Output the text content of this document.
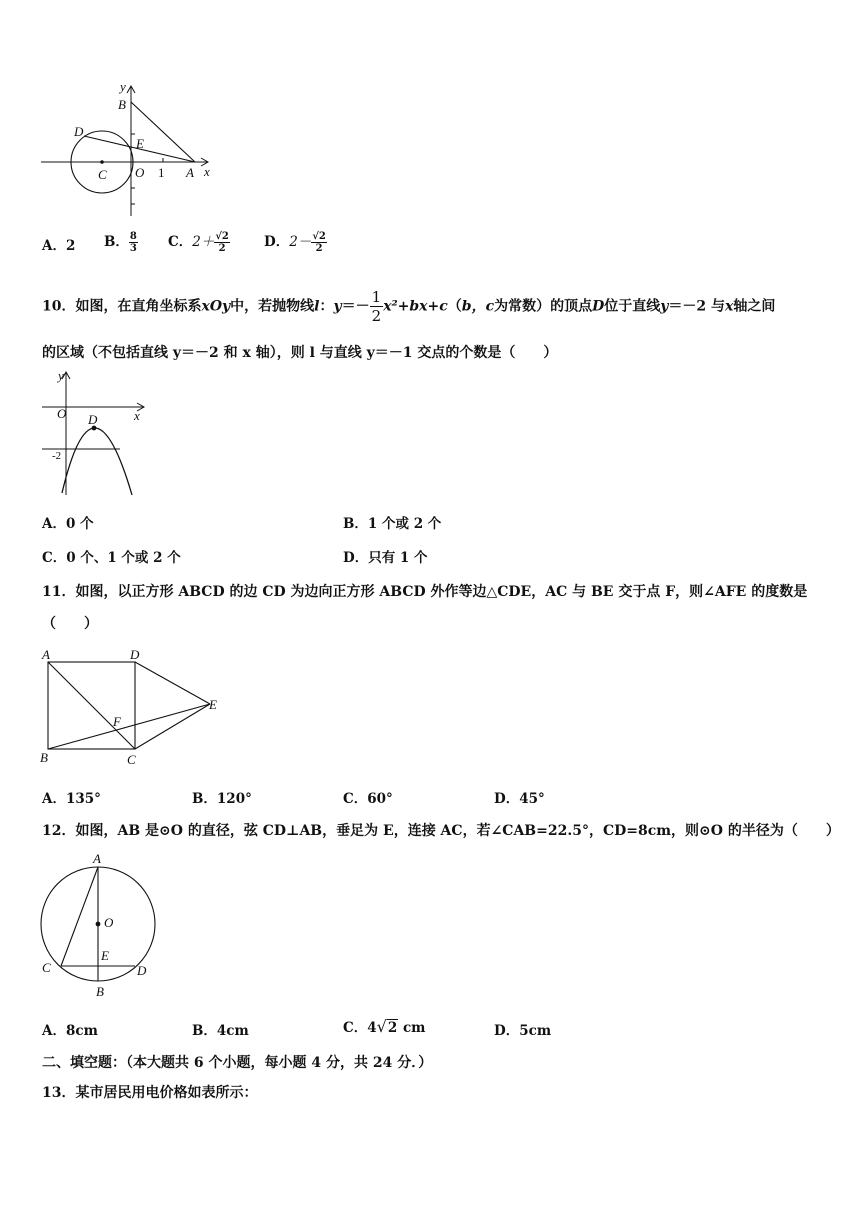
y
B
D
E
C O 1 A x
A．2 B． $\frac{8}{3}$ C．$2+ \frac{√2}{2}$	D．$2- \frac{√2}{2}$
10．如图，在直角坐标系xOy中，若抛物线l：$y=- \frac{1}{2}x^2+bx+c(b$，c为常数）的顶点D位于直线y＝－2 与x轴之间
的区域（不包括直线 y＝－2 和 x 轴），则 l 与直线 y＝－1 交点的个数是（　　）
y
O	x
D
-2
A．0 个	B．1 个或 2 个
C．0 个、1 个或 2 个	D．只有 1 个
11．如图，以正方形 ABCD 的边 CD 为边向正方形 ABCD 外作等边△CDE，AC 与 BE 交于点 F，则∠AFE 的度数是
（　　）
A	D
E
F
B	C
A．135°	B．120°	C．60°	D．45°
12．如图，AB 是⊙O 的直径，弦 CD⊥AB，垂足为 E，连接 AC，若∠CAB=22.5°，CD=8cm，则⊙O 的半径为（　　）
A
O
E
C	D
B
A．8cm	B．4cm	C．4√2 cm	D．5cm
二、填空题：（本大题共 6 个小题，每小题 4 分，共 24 分．）
13．某市居民用电价格如表所示：
